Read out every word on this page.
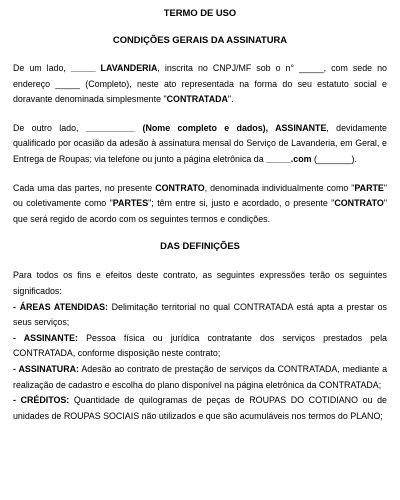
TERMO DE USO
CONDIÇÕES GERAIS DA ASSINATURA

De um lado, _____ LAVANDERIA, inscrita no CNPJ/MF sob o n° _____, com sede no endereço _____ (Completo), neste ato representada na forma do seu estatuto social e doravante denominada simplesmente "CONTRATADA".

De outro lado, __________ (Nome completo e dados), ASSINANTE, devidamente qualificado por ocasião da adesão à assinatura mensal do Serviço de Lavanderia, em Geral, e Entrega de Roupas; via telefone ou junto a página eletrônica da _____.com (_______).

Cada uma das partes, no presente CONTRATO, denominada individualmente como "PARTE" ou coletivamente como "PARTES"; têm entre si, justo e acordado, o presente "CONTRATO" que será regido de acordo com os seguintes termos e condições.

DAS DEFINIÇÕES

Para todos os fins e efeitos deste contrato, as seguintes expressões terão os seguintes significados:

- ÁREAS ATENDIDAS: Delimitação territorial no qual CONTRATADA está apta a prestar os seus serviços;

- ASSINANTE: Pessoa física ou jurídica contratante dos serviços prestados pela CONTRATADA, conforme disposição neste contrato;

- ASSINATURA: Adesão ao contrato de prestação de serviços da CONTRATADA, mediante a realização de cadastro e escolha do plano disponível na página eletrônica da CONTRATADA;

- CRÉDITOS: Quantidade de quilogramas de peças de ROUPAS DO COTIDIANO ou de unidades de ROUPAS SOCIAIS não utilizados e que são acumuláveis nos termos do PLANO;
